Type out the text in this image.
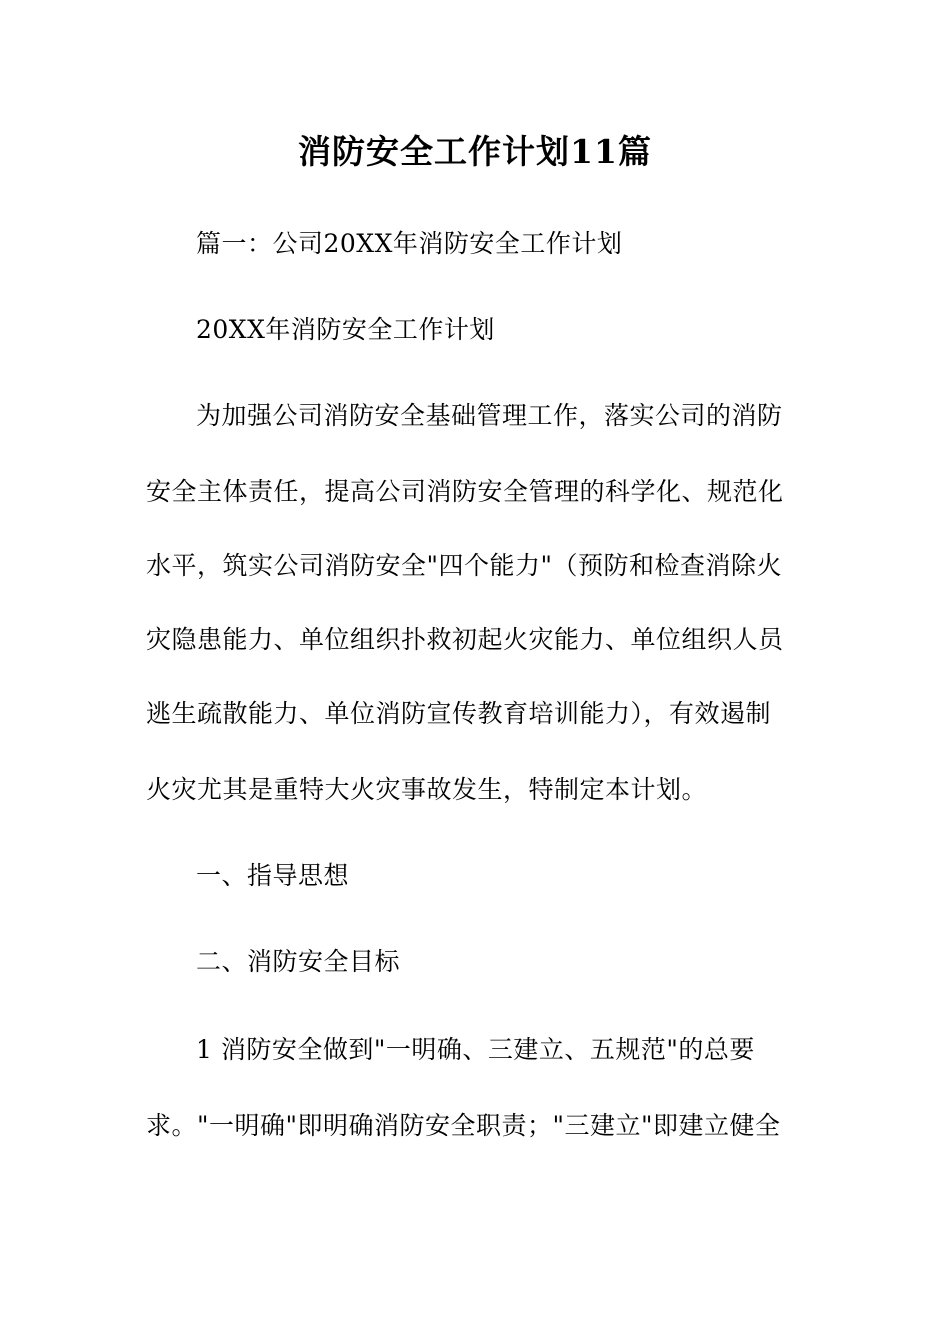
消防安全工作计划11篇

篇一：公司20XX年消防安全工作计划

20XX年消防安全工作计划

为加强公司消防安全基础管理工作，落实公司的消防

安全主体责任，提高公司消防安全管理的科学化、规范化

水平，筑实公司消防安全"四个能力"（预防和检查消除火

灾隐患能力、单位组织扑救初起火灾能力、单位组织人员

逃生疏散能力、单位消防宣传教育培训能力），有效遏制

火灾尤其是重特大火灾事故发生，特制定本计划。

一、指导思想

二、消防安全目标

1 消防安全做到"一明确、三建立、五规范"的总要

求。"一明确"即明确消防安全职责；"三建立"即建立健全
